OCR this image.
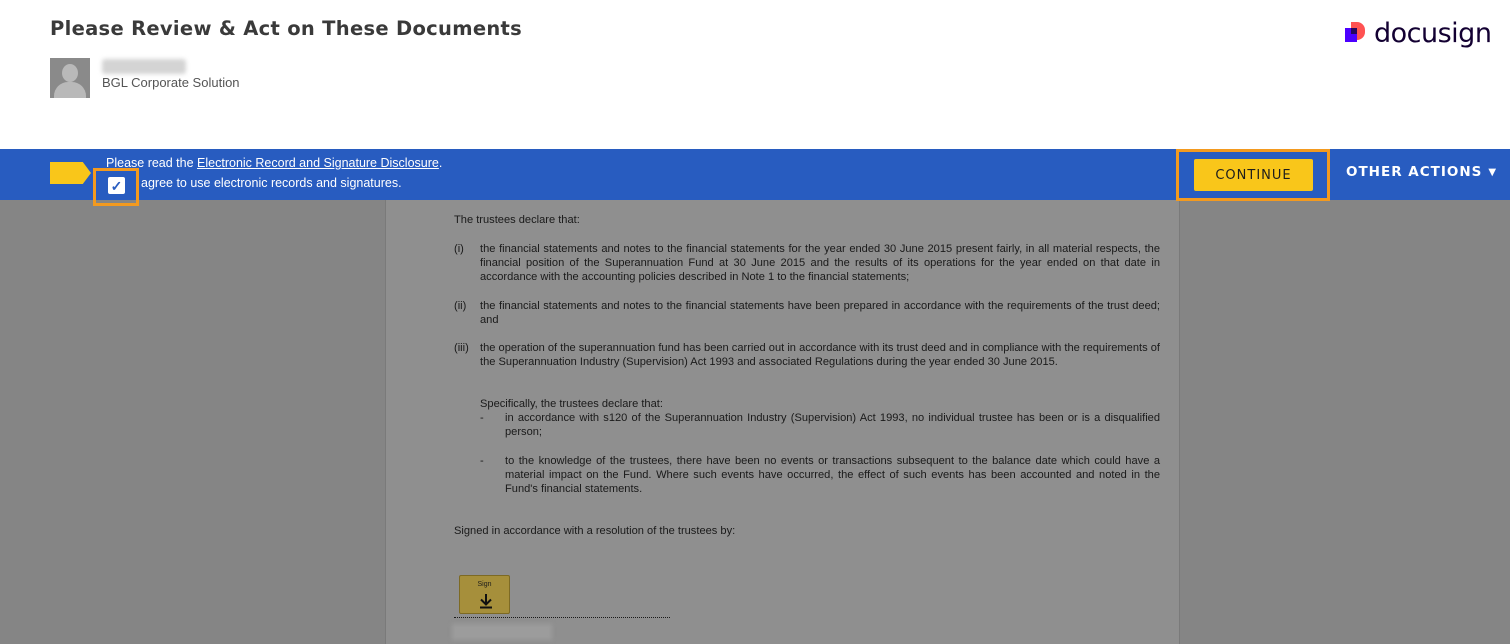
Please Review & Act on These Documents
BGL Corporate Solution
docusign
Please read the Electronic Record and Signature Disclosure.
✓ agree to use electronic records and signatures.
CONTINUE	OTHER ACTIONS ▼
The trustees declare that:
(i) the financial statements and notes to the financial statements for the year ended 30 June 2015 present fairly, in all material respects, the financial position of the Superannuation Fund at 30 June 2015 and the results of its operations for the year ended on that date in accordance with the accounting policies described in Note 1 to the financial statements;
(ii) the financial statements and notes to the financial statements have been prepared in accordance with the requirements of the trust deed; and
(iii) the operation of the superannuation fund has been carried out in accordance with its trust deed and in compliance with the requirements of the Superannuation Industry (Supervision) Act 1993 and associated Regulations during the year ended 30 June 2015.
Specifically, the trustees declare that:
- in accordance with s120 of the Superannuation Industry (Supervision) Act 1993, no individual trustee has been or is a disqualified person;
- to the knowledge of the trustees, there have been no events or transactions subsequent to the balance date which could have a material impact on the Fund. Where such events have occurred, the effect of such events has been accounted and noted in the Fund's financial statements.
Signed in accordance with a resolution of the trustees by:
Sign
